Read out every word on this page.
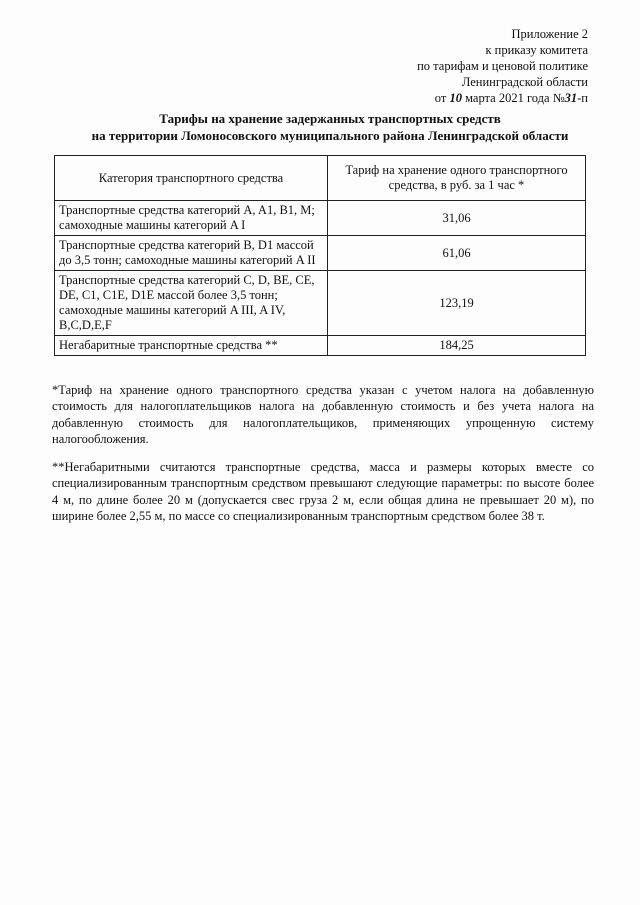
Приложение 2
к приказу комитета
по тарифам и ценовой политике
Ленинградской области
от 10 марта 2021 года №31-п
Тарифы на хранение задержанных транспортных средств
на территории Ломоносовского муниципального района Ленинградской области
Категория транспортного средства	Тариф на хранение одного транспортного средства, в руб. за 1 час *
Транспортные средства категорий A, A1, B1, M; самоходные машины категорий A I	31,06
Транспортные средства категорий B, D1 массой до 3,5 тонн; самоходные машины категорий A II	61,06
Транспортные средства категорий C, D, BE, CE, DE, C1, C1E, D1E массой более 3,5 тонн; самоходные машины категорий A III, A IV, B,C,D,E,F	123,19
Негабаритные транспортные средства **	184,25

*Тариф на хранение одного транспортного средства указан с учетом налога на добавленную стоимость для налогоплательщиков налога на добавленную стоимость и без учета налога на добавленную стоимость для налогоплательщиков, применяющих упрощенную систему налогообложения.

**Негабаритными считаются транспортные средства, масса и размеры которых вместе со специализированным транспортным средством превышают следующие параметры: по высоте более 4 м, по длине более 20 м (допускается свес груза 2 м, если общая длина не превышает 20 м), по ширине более 2,55 м, по массе со специализированным транспортным средством более 38 т.
